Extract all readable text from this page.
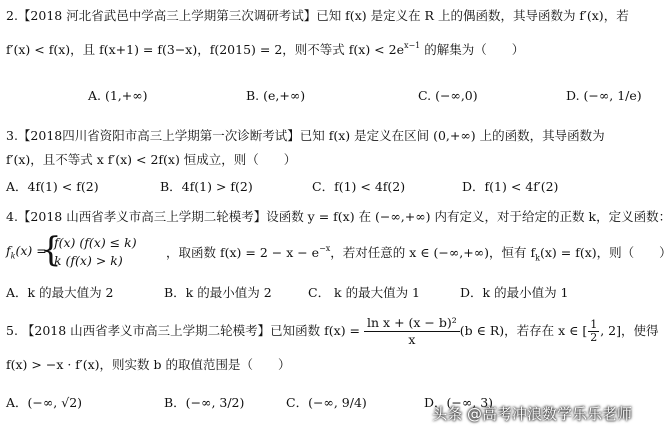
2.【2018 河北省武邑中学高三上学期第三次调研考试】已知 f(x) 是定义在 R 上的偶函数，其导函数为 f′(x)，若
f′(x) < f(x)，且 f(x+1) = f(3−x)，f(2015) = 2，则不等式 $f(x) < 2e^{x-1}$ 的解集为（　　）
A. (1,+∞)	B. (e,+∞)	C. (−∞,0)	D. (−∞, 1/e)
3.【2018四川省资阳市高三上学期第一次诊断考试】已知 f(x) 是定义在区间 (0,+∞) 上的函数，其导函数为
f′(x)，且不等式 x f′(x) < 2f(x) 恒成立，则（　　）
A．4f(1) < f(2)	B．4f(1) > f(2)	C．f(1) < 4f(2)	D．f(1) < 4f′(2)
4.【2018 山西省孝义市高三上学期二轮模考】设函数 y = f(x) 在 (−∞,+∞) 内有定义，对于给定的正数 k，定义函数：
$f_k(x)$ =
{
f(x) (f(x) ≤ k)
k (f(x) > k)
，取函数 $f(x) = 2 - x - e^{-x}$，若对任意的 x ∈ (−∞,+∞)，恒有 $f_k(x) = f(x)$，则（　　）
A．k 的最大值为 2	B．k 的最小值为 2	C． k 的最大值为 1	D．k 的最小值为 1
5. 【2018 山西省孝义市高三上学期二轮模考】已知函数 $f(x) = \frac{\text{ln x + (x − b)²}}{x} (b$ ∈ R)，若存在 x ∈ [ $\frac{1}{2}$ , 2]，使得
f(x) > −x · f′(x)，则实数 b 的取值范围是（　　）
A．(−∞, √2)	B．(−∞, 3/2)	C．(−∞, 9/4)	D．(−∞, 3)
头条 @高考冲浪数学乐乐老师
